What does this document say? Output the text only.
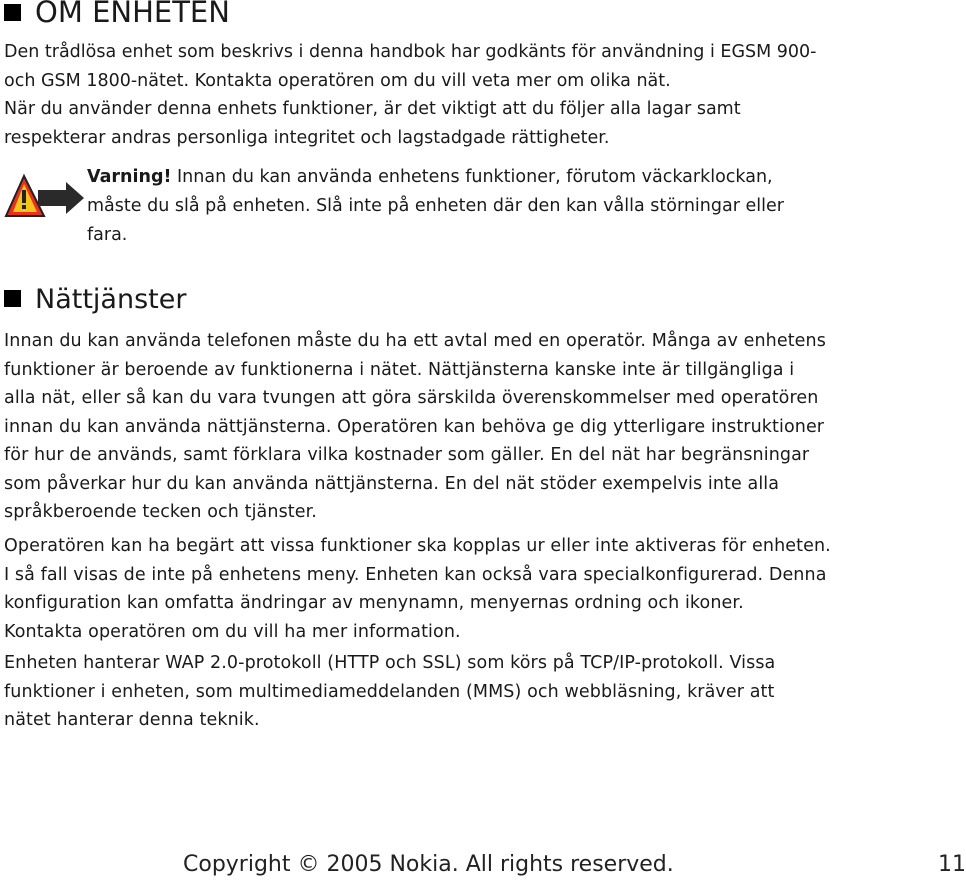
OM ENHETEN

Den trådlösa enhet som beskrivs i denna handbok har godkänts för användning i EGSM 900-
och GSM 1800-nätet. Kontakta operatören om du vill veta mer om olika nät.
När du använder denna enhets funktioner, är det viktigt att du följer alla lagar samt
respekterar andras personliga integritet och lagstadgade rättigheter.

Varning! Innan du kan använda enhetens funktioner, förutom väckarklockan,
måste du slå på enheten. Slå inte på enheten där den kan vålla störningar eller
fara.

Nättjänster

Innan du kan använda telefonen måste du ha ett avtal med en operatör. Många av enhetens
funktioner är beroende av funktionerna i nätet. Nättjänsterna kanske inte är tillgängliga i
alla nät, eller så kan du vara tvungen att göra särskilda överenskommelser med operatören
innan du kan använda nättjänsterna. Operatören kan behöva ge dig ytterligare instruktioner
för hur de används, samt förklara vilka kostnader som gäller. En del nät har begränsningar
som påverkar hur du kan använda nättjänsterna. En del nät stöder exempelvis inte alla
språkberoende tecken och tjänster.

Operatören kan ha begärt att vissa funktioner ska kopplas ur eller inte aktiveras för enheten.
I så fall visas de inte på enhetens meny. Enheten kan också vara specialkonfigurerad. Denna
konfiguration kan omfatta ändringar av menynamn, menyernas ordning och ikoner.
Kontakta operatören om du vill ha mer information.

Enheten hanterar WAP 2.0-protokoll (HTTP och SSL) som körs på TCP/IP-protokoll. Vissa
funktioner i enheten, som multimediameddelanden (MMS) och webbläsning, kräver att
nätet hanterar denna teknik.

Copyright © 2005 Nokia. All rights reserved.	11
